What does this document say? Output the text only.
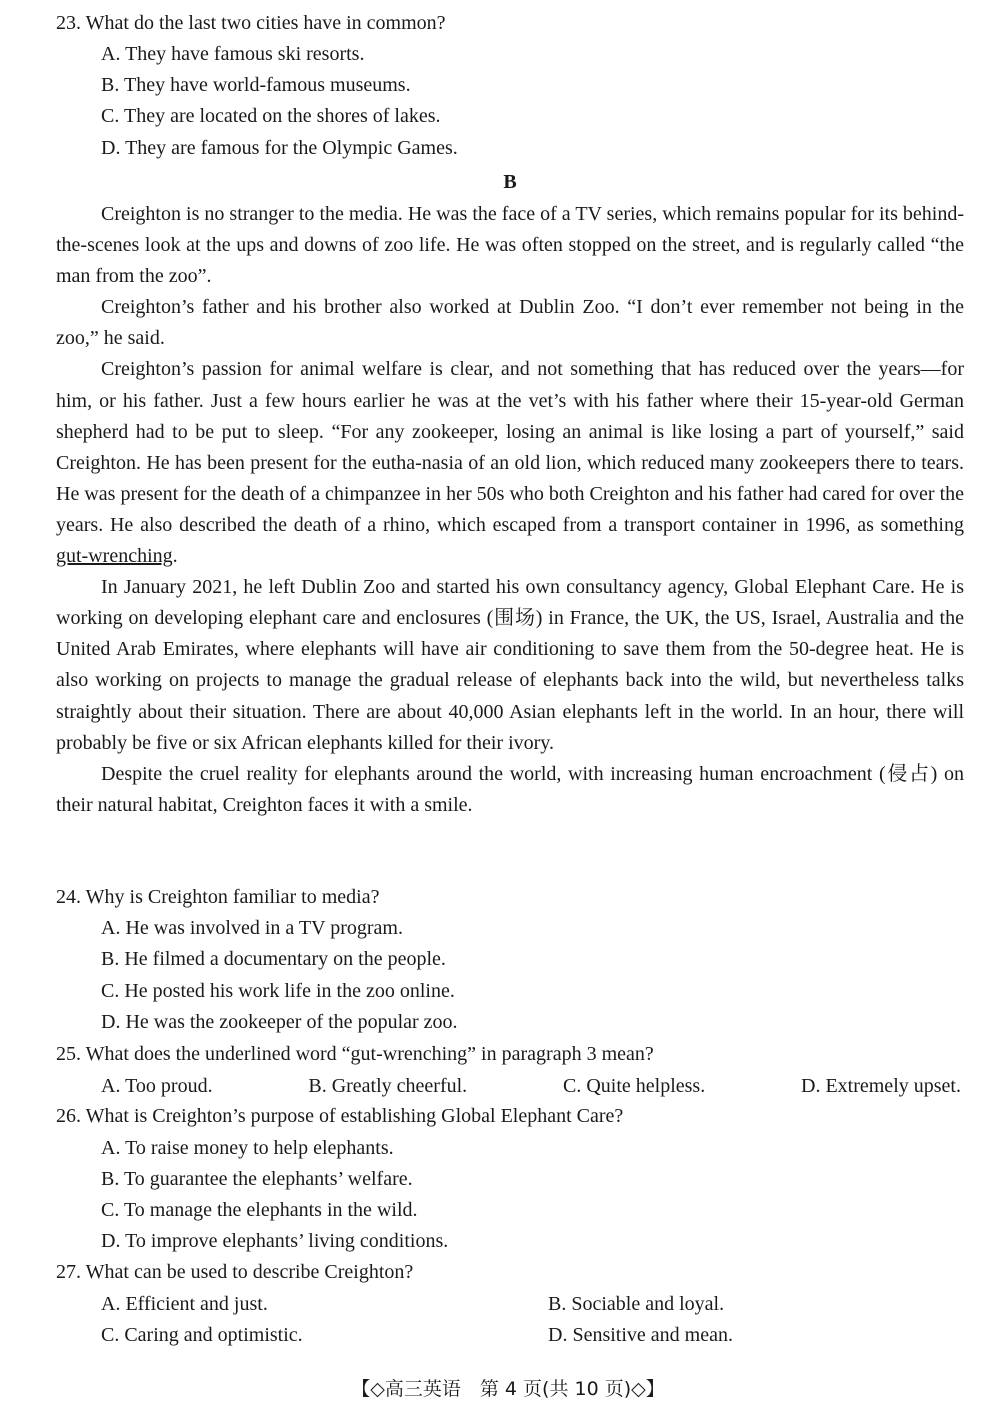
23. What do the last two cities have in common?
A. They have famous ski resorts.
B. They have world-famous museums.
C. They are located on the shores of lakes.
D. They are famous for the Olympic Games.
B

Creighton is no stranger to the media. He was the face of a TV series, which remains popular for its behind-the-scenes look at the ups and downs of zoo life. He was often stopped on the street, and is regularly called “the man from the zoo”.

Creighton’s father and his brother also worked at Dublin Zoo. “I don’t ever remember not being in the zoo,” he said.

Creighton’s passion for animal welfare is clear, and not something that has reduced over the years—for him, or his father. Just a few hours earlier he was at the vet’s with his father where their 15-year-old German shepherd had to be put to sleep. “For any zookeeper, losing an animal is like losing a part of yourself,” said Creighton. He has been present for the eutha-nasia of an old lion, which reduced many zookeepers there to tears. He was present for the death of a chimpanzee in her 50s who both Creighton and his father had cared for over the years. He also described the death of a rhino, which escaped from a transport container in 1996, as something gut-wrenching.

In January 2021, he left Dublin Zoo and started his own consultancy agency, Global Elephant Care. He is working on developing elephant care and enclosures (围场) in France, the UK, the US, Israel, Australia and the United Arab Emirates, where elephants will have air conditioning to save them from the 50-degree heat. He is also working on projects to manage the gradual release of elephants back into the wild, but nevertheless talks straightly about their situation. There are about 40,000 Asian elephants left in the world. In an hour, there will probably be five or six African elephants killed for their ivory.

Despite the cruel reality for elephants around the world, with increasing human encroachment (侵占) on their natural habitat, Creighton faces it with a smile.

24. Why is Creighton familiar to media?
A. He was involved in a TV program.
B. He filmed a documentary on the people.
C. He posted his work life in the zoo online.
D. He was the zookeeper of the popular zoo.
25. What does the underlined word “gut-wrenching” in paragraph 3 mean?
A. Too proud.	B. Greatly cheerful.	C. Quite helpless.	D. Extremely upset.
26. What is Creighton’s purpose of establishing Global Elephant Care?
A. To raise money to help elephants.
B. To guarantee the elephants’ welfare.
C. To manage the elephants in the wild.
D. To improve elephants’ living conditions.
27. What can be used to describe Creighton?
A. Efficient and just.	B. Sociable and loyal.
C. Caring and optimistic.	D. Sensitive and mean.
【◇高三英语　第 4 页(共 10 页)◇】
